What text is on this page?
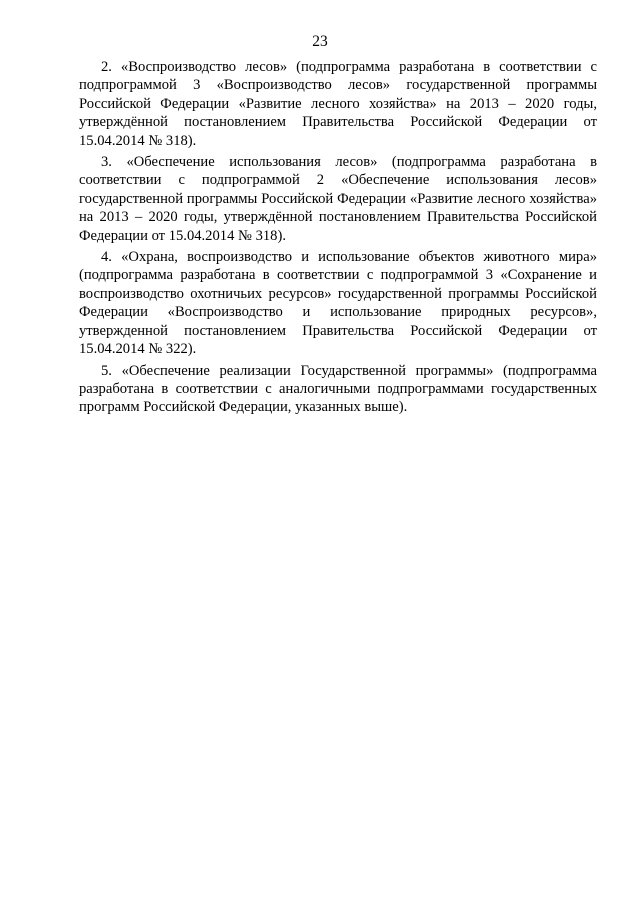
23

2. «Воспроизводство лесов» (подпрограмма разработана в соответствии с подпрограммой 3 «Воспроизводство лесов» государственной программы Российской Федерации «Развитие лесного хозяйства» на 2013 – 2020 годы, утверждённой постановлением Правительства Российской Федерации от 15.04.2014 № 318).

3. «Обеспечение использования лесов» (подпрограмма разработана в соответствии с подпрограммой 2 «Обеспечение использования лесов» государственной программы Российской Федерации «Развитие лесного хозяйства» на 2013 – 2020 годы, утверждённой постановлением Правительства Российской Федерации от 15.04.2014 № 318).

4. «Охрана, воспроизводство и использование объектов животного мира» (подпрограмма разработана в соответствии с подпрограммой 3 «Сохранение и воспроизводство охотничьих ресурсов» государственной программы Российской Федерации «Воспроизводство и использование природных ресурсов», утвержденной постановлением Правительства Российской Федерации от 15.04.2014 № 322).

5. «Обеспечение реализации Государственной программы» (подпрограмма разработана в соответствии с аналогичными подпрограммами государственных программ Российской Федерации, указанных выше).
